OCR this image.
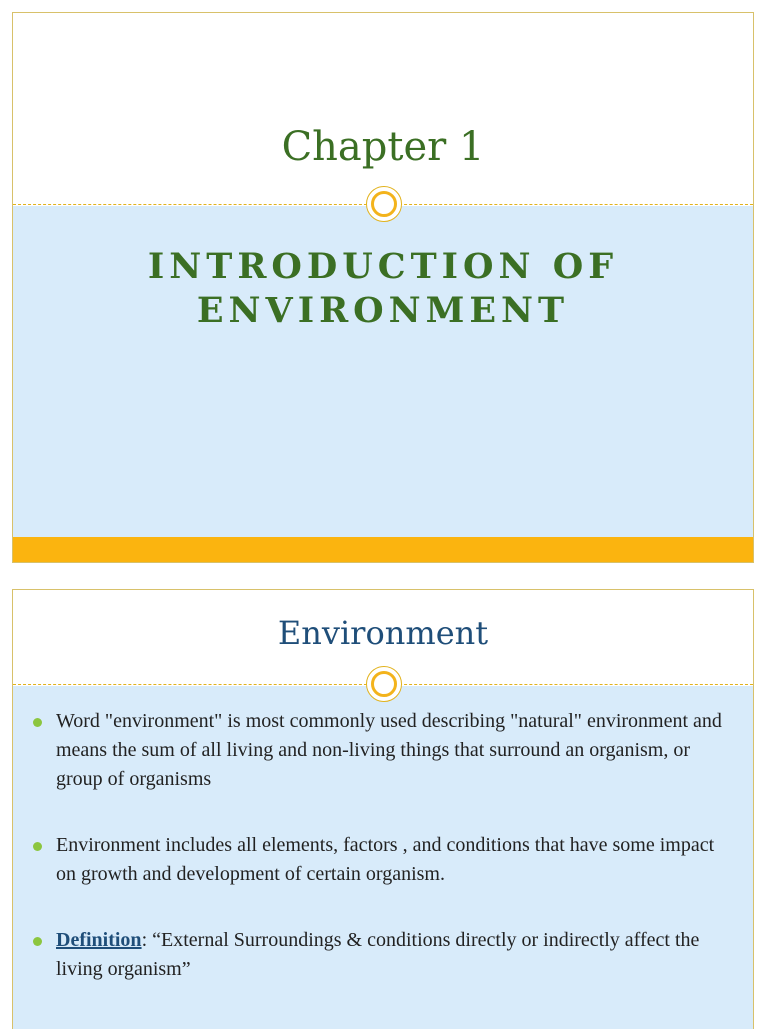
Chapter 1
INTRODUCTION OF ENVIRONMENT
Environment
Word "environment" is most commonly used describing "natural" environment and means the sum of all living and non-living things that surround an organism, or group of organisms
Environment includes all elements, factors , and conditions that have some impact on growth and development of certain organism.
Definition: “External Surroundings & conditions directly or indirectly affect the living organism”
